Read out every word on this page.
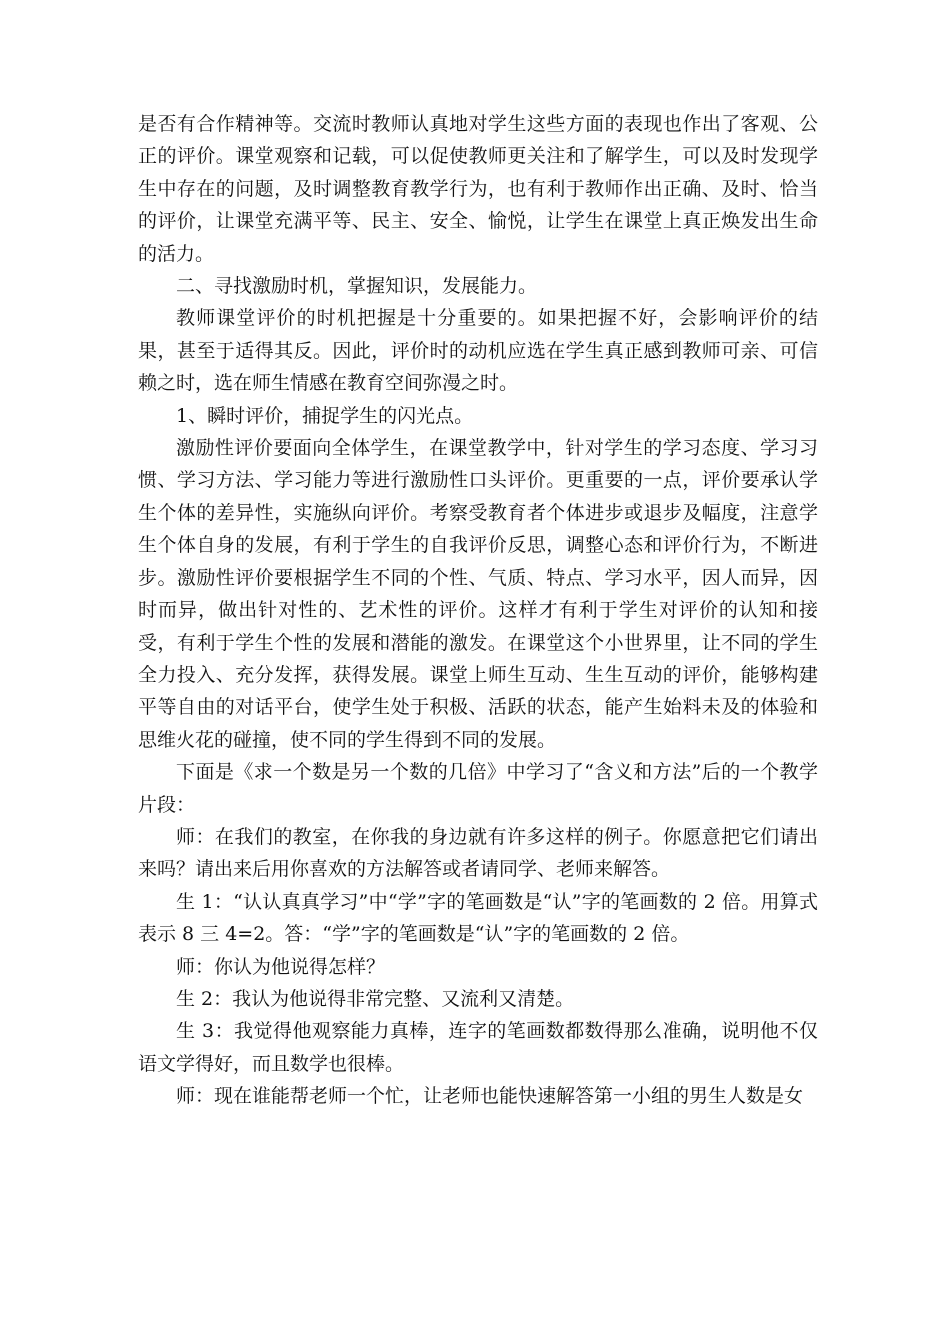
是否有合作精神等。交流时教师认真地对学生这些方面的表现也作出了客观、公正的评价。课堂观察和记载，可以促使教师更关注和了解学生，可以及时发现学生中存在的问题，及时调整教育教学行为，也有利于教师作出正确、及时、恰当的评价，让课堂充满平等、民主、安全、愉悦，让学生在课堂上真正焕发出生命的活力。

二、寻找激励时机，掌握知识，发展能力。

教师课堂评价的时机把握是十分重要的。如果把握不好，会影响评价的结果，甚至于适得其反。因此，评价时的动机应选在学生真正感到教师可亲、可信赖之时，选在师生情感在教育空间弥漫之时。

1、瞬时评价，捕捉学生的闪光点。

激励性评价要面向全体学生，在课堂教学中，针对学生的学习态度、学习习惯、学习方法、学习能力等进行激励性口头评价。更重要的一点，评价要承认学生个体的差异性，实施纵向评价。考察受教育者个体进步或退步及幅度，注意学生个体自身的发展，有利于学生的自我评价反思，调整心态和评价行为，不断进步。激励性评价要根据学生不同的个性、气质、特点、学习水平，因人而异，因时而异，做出针对性的、艺术性的评价。这样才有利于学生对评价的认知和接受，有利于学生个性的发展和潜能的激发。在课堂这个小世界里，让不同的学生全力投入、充分发挥，获得发展。课堂上师生互动、生生互动的评价，能够构建平等自由的对话平台，使学生处于积极、活跃的状态，能产生始料未及的体验和思维火花的碰撞，使不同的学生得到不同的发展。

下面是《求一个数是另一个数的几倍》中学习了“含义和方法”后的一个教学片段：

师：在我们的教室，在你我的身边就有许多这样的例子。你愿意把它们请出来吗？请出来后用你喜欢的方法解答或者请同学、老师来解答。

生 1：“认认真真学习”中“学”字的笔画数是“认”字的笔画数的 2 倍。用算式表示 8 三 4=2。答：“学”字的笔画数是“认”字的笔画数的 2 倍。

师：你认为他说得怎样？

生 2：我认为他说得非常完整、又流利又清楚。

生 3：我觉得他观察能力真棒，连字的笔画数都数得那么准确，说明他不仅语文学得好，而且数学也很棒。

师：现在谁能帮老师一个忙，让老师也能快速解答第一小组的男生人数是女
